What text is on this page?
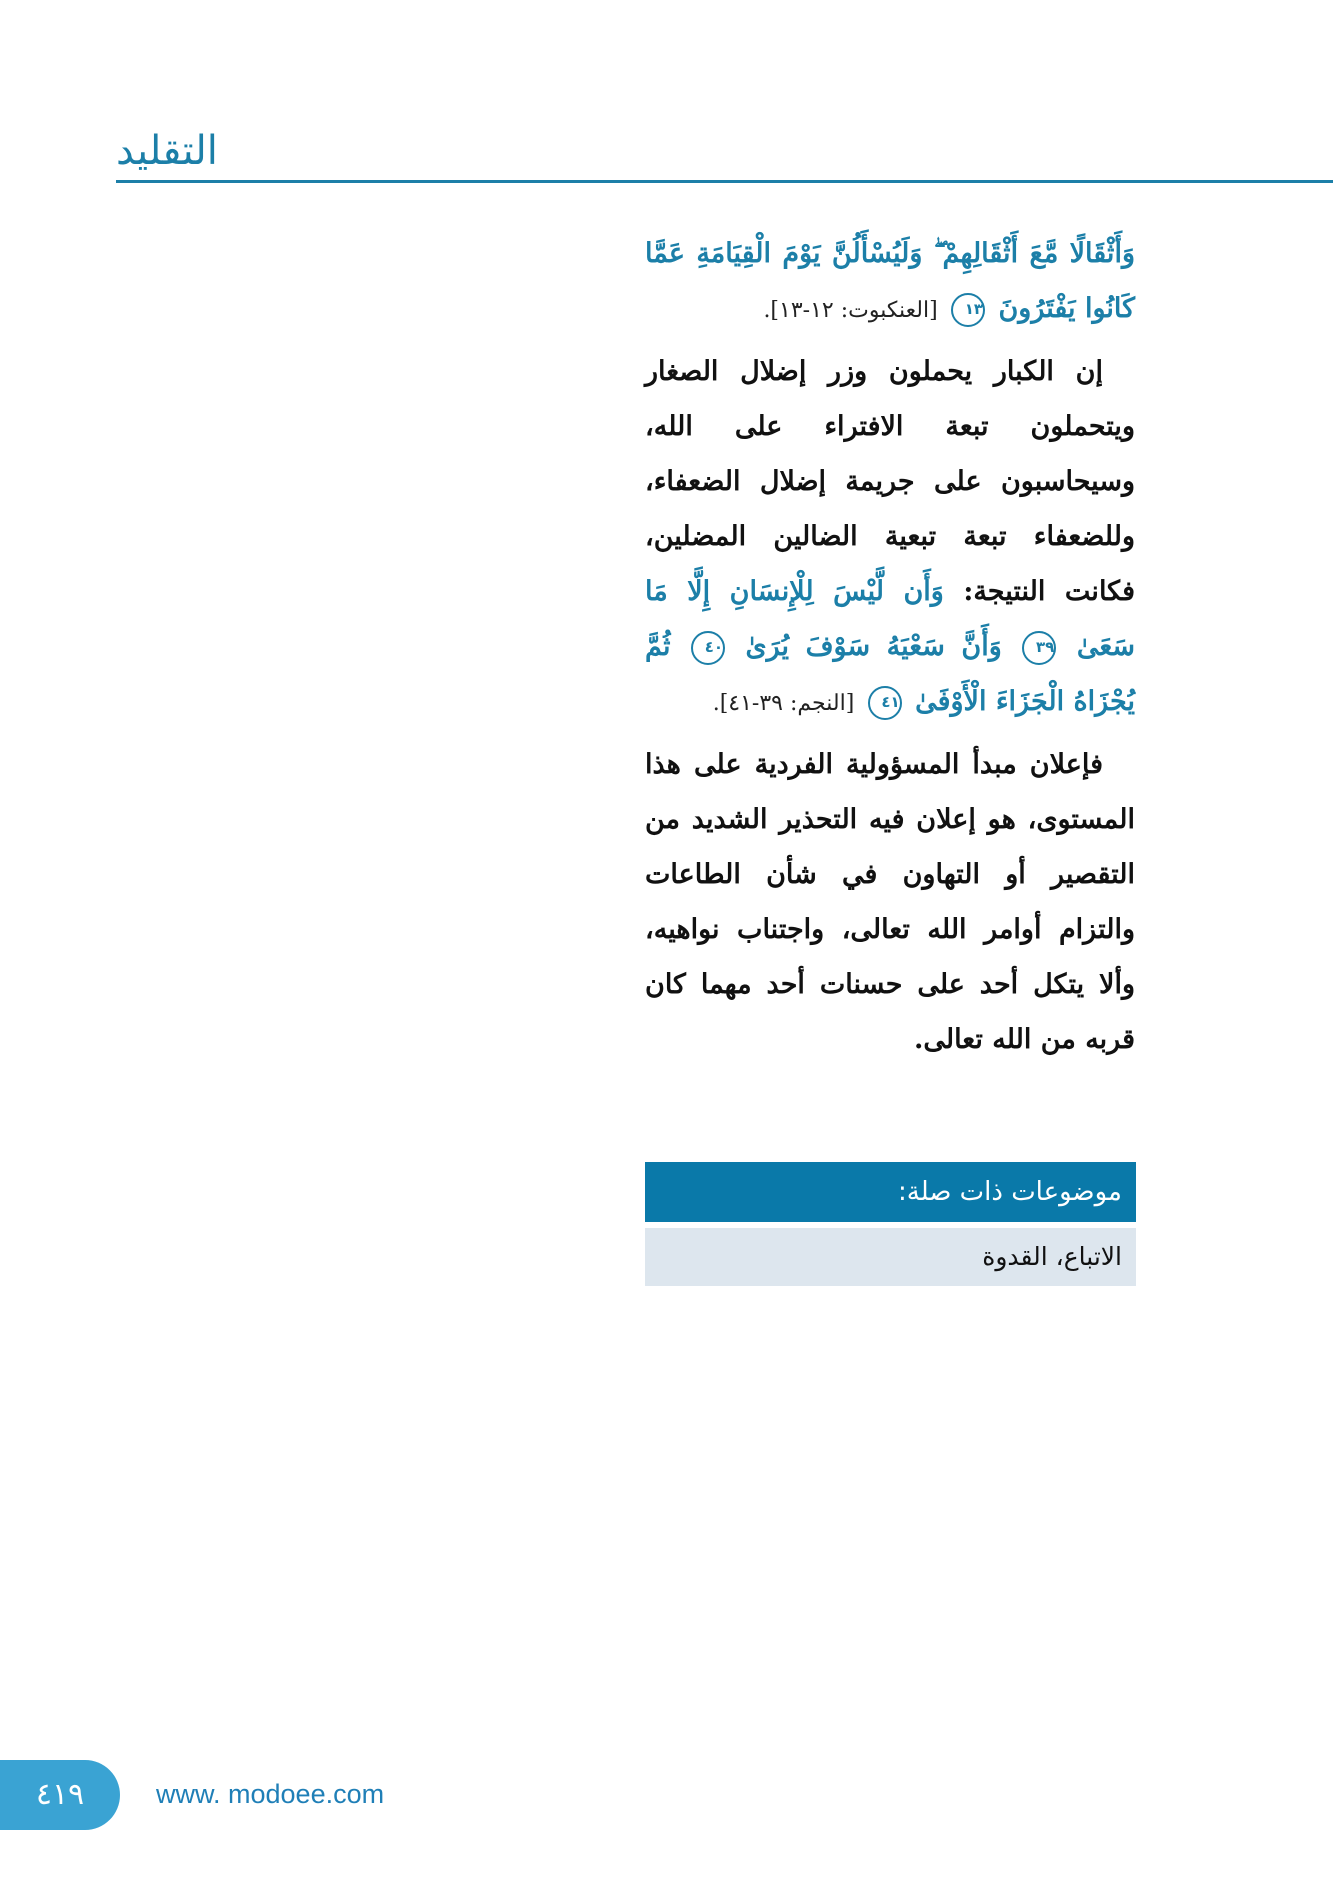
التقليد

وَأَثْقَالًا مَّعَ أَثْقَالِهِمْ ۖ وَلَيُسْأَلُنَّ يَوْمَ الْقِيَامَةِ عَمَّا كَانُوا يَفْتَرُونَ ١٣ [العنكبوت: ١٢-١٣].

إن الكبار يحملون وزر إضلال الصغار ويتحملون تبعة الافتراء على الله، وسيحاسبون على جريمة إضلال الضعفاء، وللضعفاء تبعة تبعية الضالين المضلين، فكانت النتيجة: وَأَن لَّيْسَ لِلْإِنسَانِ إِلَّا مَا سَعَىٰ ٣٩ وَأَنَّ سَعْيَهُ سَوْفَ يُرَىٰ ٤٠ ثُمَّ يُجْزَاهُ الْجَزَاءَ الْأَوْفَىٰ ٤١ [النجم: ٣٩-٤١].

فإعلان مبدأ المسؤولية الفردية على هذا المستوى، هو إعلان فيه التحذير الشديد من التقصير أو التهاون في شأن الطاعات والتزام أوامر الله تعالى، واجتناب نواهيه، وألا يتكل أحد على حسنات أحد مهما كان قربه من الله تعالى.

موضوعات ذات صلة:
الاتباع، القدوة
٤١٩	www. modoee.com
